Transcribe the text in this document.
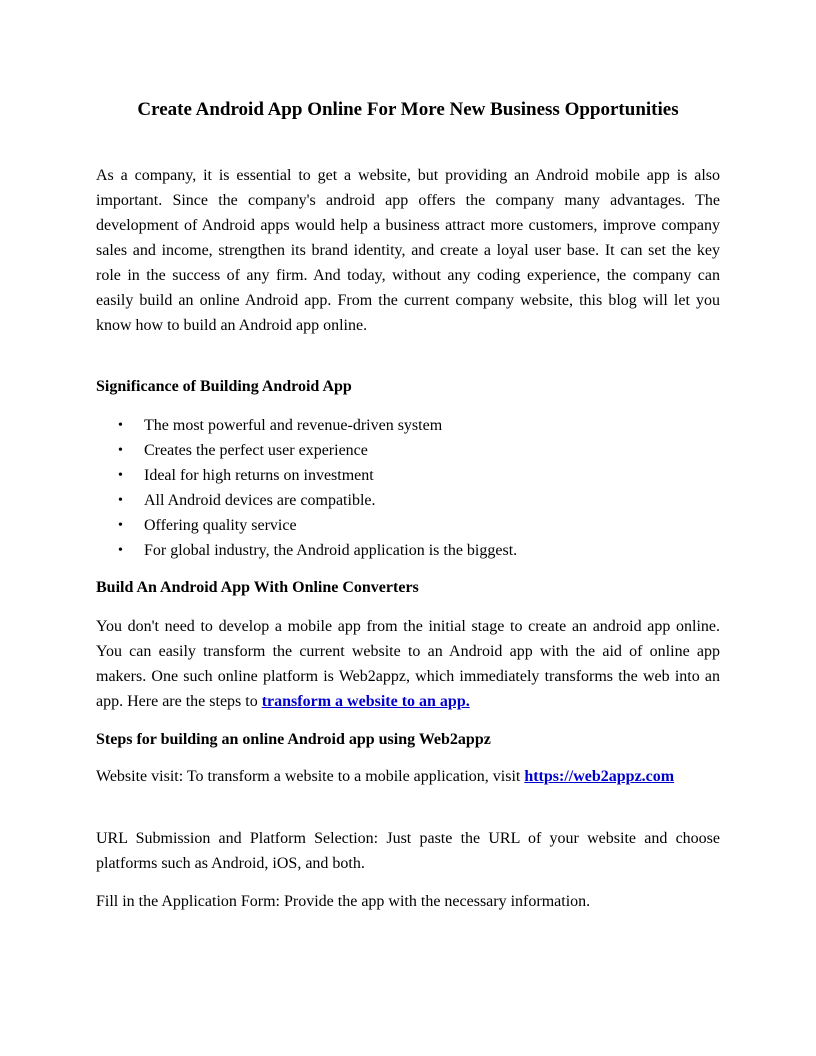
Create Android App Online For More New Business Opportunities

As a company, it is essential to get a website, but providing an Android mobile app is also important. Since the company's android app offers the company many advantages. The development of Android apps would help a business attract more customers, improve company sales and income, strengthen its brand identity, and create a loyal user base. It can set the key role in the success of any firm. And today, without any coding experience, the company can easily build an online Android app. From the current company website, this blog will let you know how to build an Android app online.

Significance of Building Android App

• The most powerful and revenue-driven system
• Creates the perfect user experience
• Ideal for high returns on investment
• All Android devices are compatible.
• Offering quality service
• For global industry, the Android application is the biggest.

Build An Android App With Online Converters

You don't need to develop a mobile app from the initial stage to create an android app online. You can easily transform the current website to an Android app with the aid of online app makers. One such online platform is Web2appz, which immediately transforms the web into an app. Here are the steps to transform a website to an app.

Steps for building an online Android app using Web2appz

Website visit: To transform a website to a mobile application, visit https://web2appz.com

URL Submission and Platform Selection: Just paste the URL of your website and choose platforms such as Android, iOS, and both.

Fill in the Application Form: Provide the app with the necessary information.
